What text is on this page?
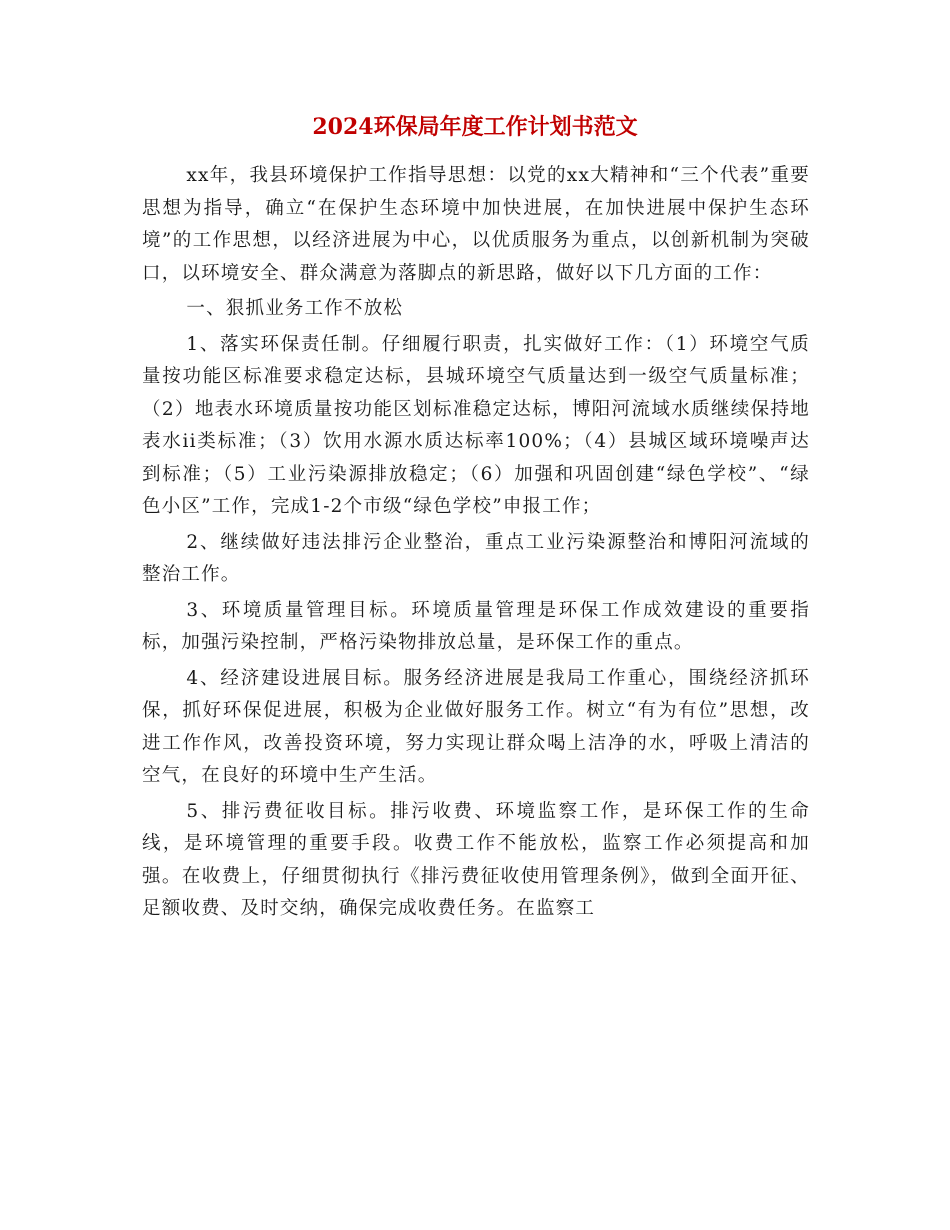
2024环保局年度工作计划书范文

xx年，我县环境保护工作指导思想：以党的xx大精神和“三个代表”重要思想为指导，确立“在保护生态环境中加快进展，在加快进展中保护生态环境”的工作思想，以经济进展为中心，以优质服务为重点，以创新机制为突破口，以环境安全、群众满意为落脚点的新思路，做好以下几方面的工作：

一、狠抓业务工作不放松

1、落实环保责任制。仔细履行职责，扎实做好工作：（1）环境空气质量按功能区标准要求稳定达标，县城环境空气质量达到一级空气质量标准；（2）地表水环境质量按功能区划标准稳定达标，博阳河流域水质继续保持地表水ii类标准；（3）饮用水源水质达标率100%；（4）县城区域环境噪声达到标准；（5）工业污染源排放稳定；（6）加强和巩固创建“绿色学校”、“绿色小区”工作，完成1-2个市级“绿色学校”申报工作；

2、继续做好违法排污企业整治，重点工业污染源整治和博阳河流域的整治工作。

3、环境质量管理目标。环境质量管理是环保工作成效建设的重要指标，加强污染控制，严格污染物排放总量，是环保工作的重点。

4、经济建设进展目标。服务经济进展是我局工作重心，围绕经济抓环保，抓好环保促进展，积极为企业做好服务工作。树立“有为有位”思想，改进工作作风，改善投资环境，努力实现让群众喝上洁净的水，呼吸上清洁的空气，在良好的环境中生产生活。

5、排污费征收目标。排污收费、环境监察工作，是环保工作的生命线，是环境管理的重要手段。收费工作不能放松，监察工作必须提高和加强。在收费上，仔细贯彻执行《排污费征收使用管理条例》，做到全面开征、足额收费、及时交纳，确保完成收费任务。在监察工
